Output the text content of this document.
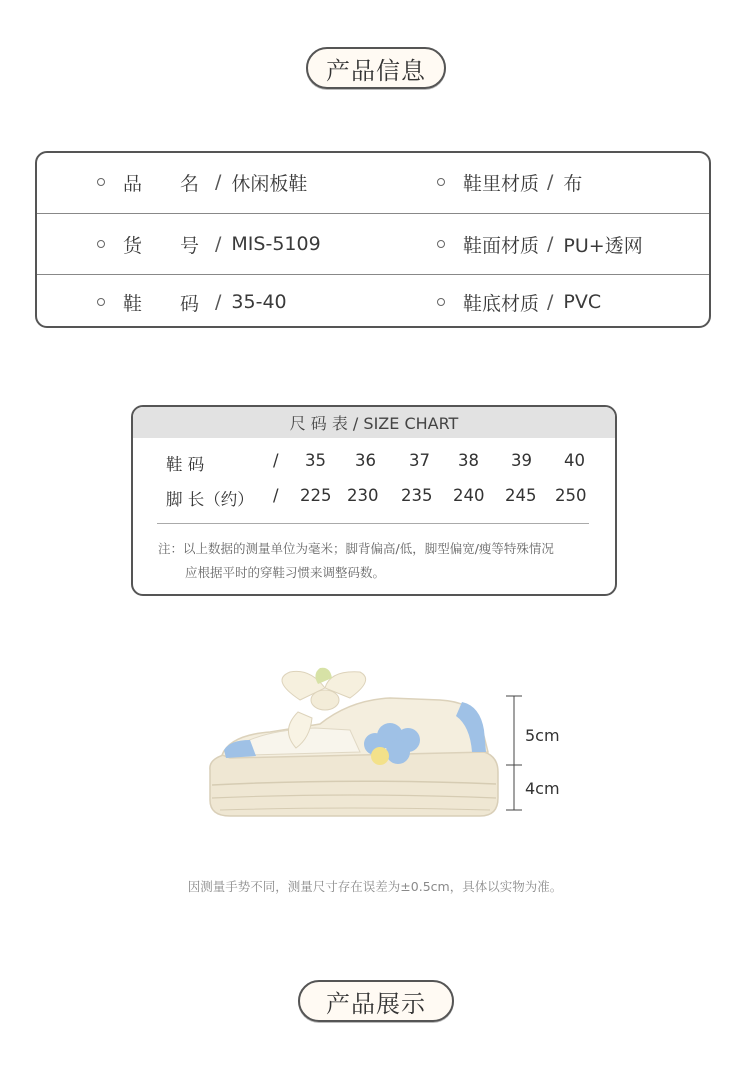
产品信息
品　　名 / 休闲板鞋	鞋里材质 / 布
货　　号 / MIS-5109	鞋面材质 / PU+透网
鞋　　码 / 35-40	鞋底材质 / PVC
尺 码 表 / SIZE CHART
鞋 码	/ 35 36 37 38 39 40
脚 长（约） / 225 230 235 240 245 250
注：以上数据的测量单位为毫米；脚背偏高/低，脚型偏宽/瘦等特殊情况
应根据平时的穿鞋习惯来调整码数。
5cm
4cm
因测量手势不同，测量尺寸存在误差为±0.5cm，具体以实物为准。
产品展示
